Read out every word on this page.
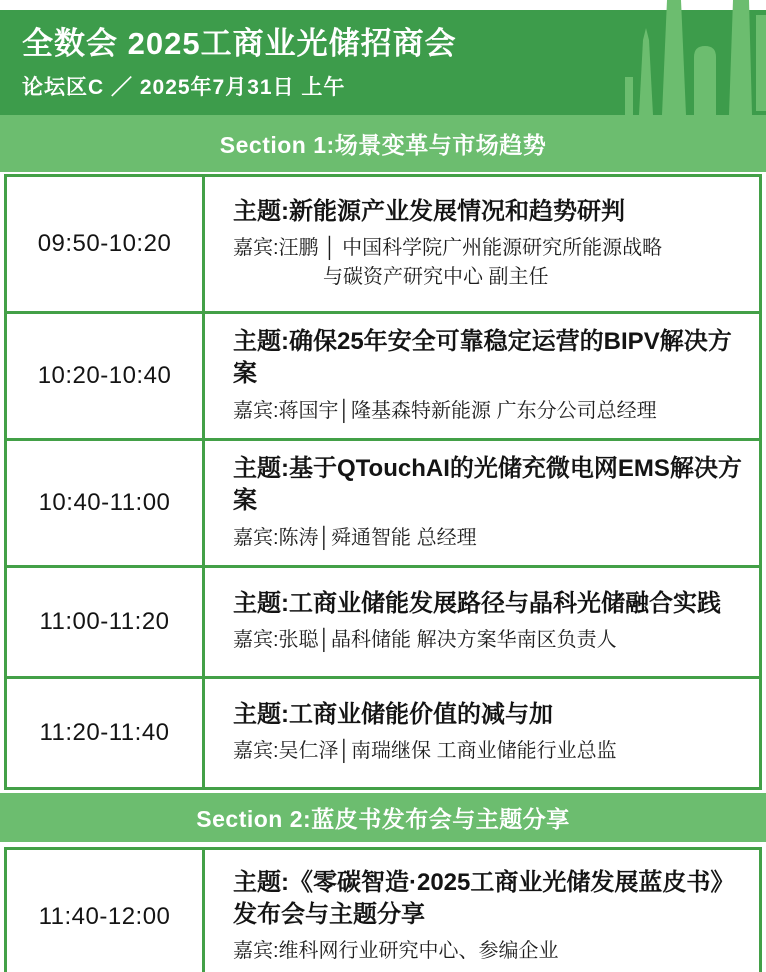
全数会 2025工商业光储招商会
论坛区C ／ 2025年7月31日 上午
Section 1:场景变革与市场趋势
09:50-10:20
主题:新能源产业发展情况和趋势研判
嘉宾:汪鹏 │ 中国科学院广州能源研究所能源战略
与碳资产研究中心 副主任
10:20-10:40
主题:确保25年安全可靠稳定运营的BIPV解决方案
嘉宾:蒋国宇│隆基森特新能源 广东分公司总经理
10:40-11:00
主题:基于QTouchAI的光储充微电网EMS解决方案
嘉宾:陈涛│舜通智能 总经理
11:00-11:20
主题:工商业储能发展路径与晶科光储融合实践
嘉宾:张聪│晶科储能 解决方案华南区负责人
11:20-11:40
主题:工商业储能价值的减与加
嘉宾:吴仁泽│南瑞继保 工商业储能行业总监
Section 2:蓝皮书发布会与主题分享
11:40-12:00
主题:《零碳智造·2025工商业光储发展蓝皮书》
发布会与主题分享
嘉宾:维科网行业研究中心、参编企业
